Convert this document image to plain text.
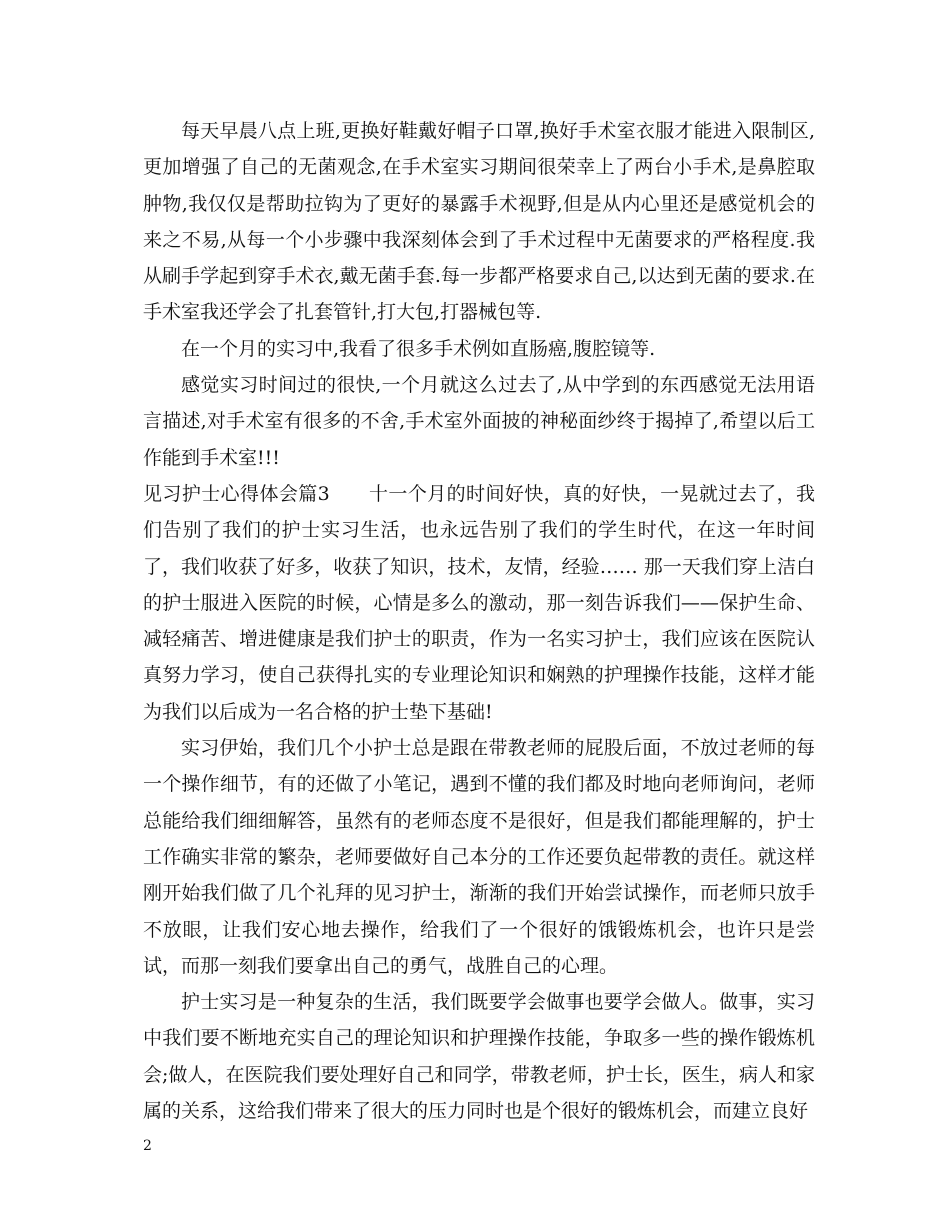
每天早晨八点上班,更换好鞋戴好帽子口罩,换好手术室衣服才能进入限制区,更加增强了自己的无菌观念,在手术室实习期间很荣幸上了两台小手术,是鼻腔取肿物,我仅仅是帮助拉钩为了更好的暴露手术视野,但是从内心里还是感觉机会的来之不易,从每一个小步骤中我深刻体会到了手术过程中无菌要求的严格程度.我从刷手学起到穿手术衣,戴无菌手套.每一步都严格要求自己,以达到无菌的要求.在手术室我还学会了扎套管针,打大包,打器械包等.

在一个月的实习中,我看了很多手术例如直肠癌,腹腔镜等.

感觉实习时间过的很快,一个月就这么过去了,从中学到的东西感觉无法用语言描述,对手术室有很多的不舍,手术室外面披的神秘面纱终于揭掉了,希望以后工作能到手术室!!!

见习护士心得体会篇3　　十一个月的时间好快，真的好快，一晃就过去了，我们告别了我们的护士实习生活，也永远告别了我们的学生时代，在这一年时间了，我们收获了好多，收获了知识，技术，友情，经验…… 那一天我们穿上洁白的护士服进入医院的时候，心情是多么的激动，那一刻告诉我们——保护生命、减轻痛苦、增进健康是我们护士的职责，作为一名实习护士，我们应该在医院认真努力学习，使自己获得扎实的专业理论知识和娴熟的护理操作技能，这样才能为我们以后成为一名合格的护士垫下基础!

实习伊始，我们几个小护士总是跟在带教老师的屁股后面，不放过老师的每一个操作细节，有的还做了小笔记，遇到不懂的我们都及时地向老师询问，老师总能给我们细细解答，虽然有的老师态度不是很好，但是我们都能理解的，护士工作确实非常的繁杂，老师要做好自己本分的工作还要负起带教的责任。就这样刚开始我们做了几个礼拜的见习护士，渐渐的我们开始尝试操作，而老师只放手不放眼，让我们安心地去操作，给我们了一个很好的饿锻炼机会，也许只是尝试，而那一刻我们要拿出自己的勇气，战胜自己的心理。

护士实习是一种复杂的生活，我们既要学会做事也要学会做人。做事，实习中我们要不断地充实自己的理论知识和护理操作技能，争取多一些的操作锻炼机会;做人，在医院我们要处理好自己和同学，带教老师，护士长，医生，病人和家属的关系，这给我们带来了很大的压力同时也是个很好的锻炼机会，而建立良好

2
